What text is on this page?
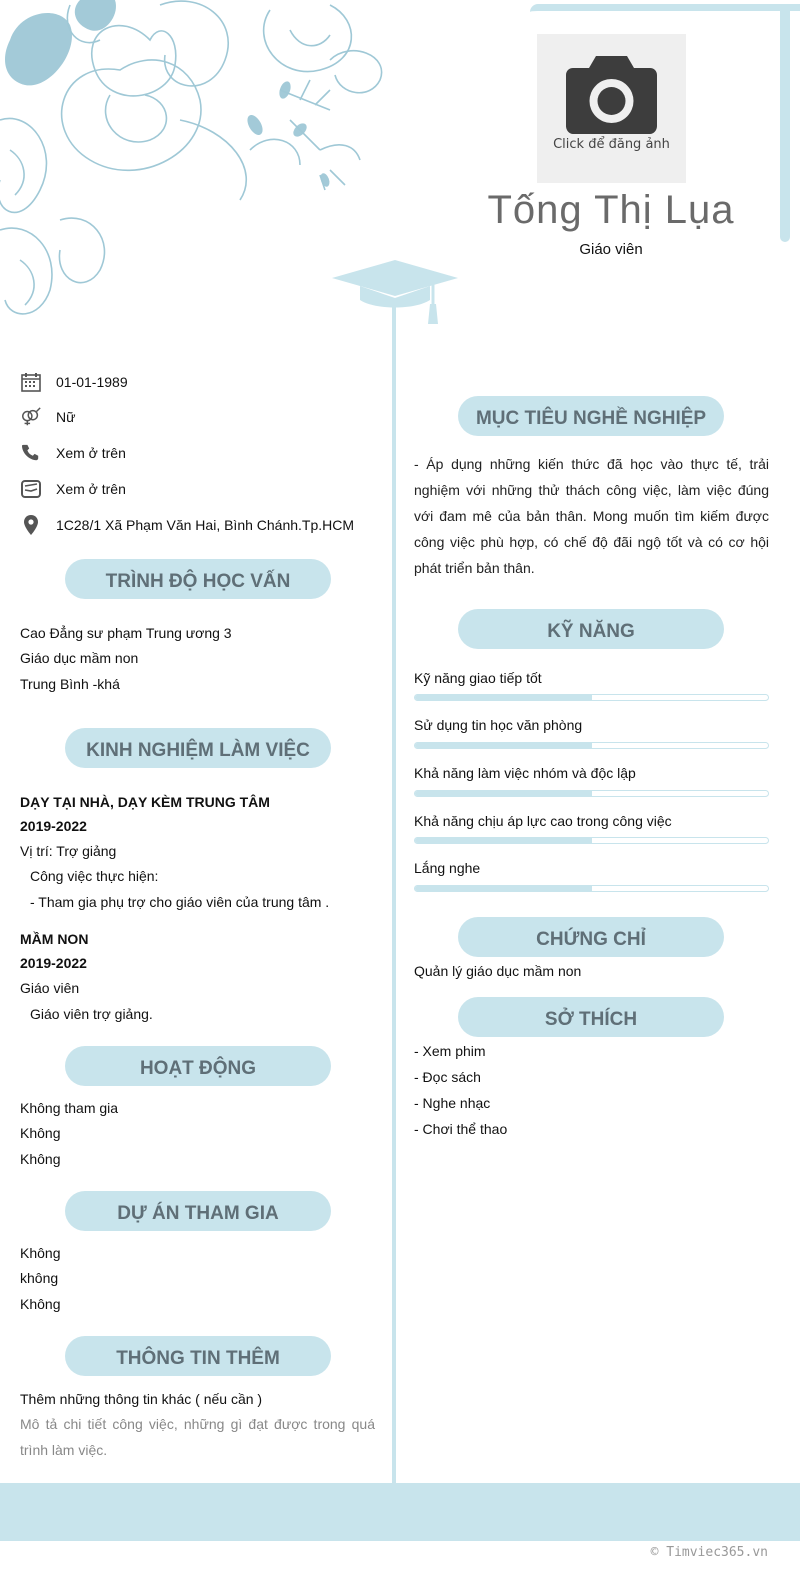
Click để đăng ảnh
Tống Thị Lụa
Giáo viên
01-01-1989
Nữ
Xem ở trên
Xem ở trên
1C28/1 Xã Phạm Văn Hai, Bình Chánh.Tp.HCM
TRÌNH ĐỘ HỌC VẤN
Cao Đẳng sư phạm Trung ương 3
Giáo dục mầm non
Trung Bình -khá
KINH NGHIỆM LÀM VIỆC
DẠY TẠI NHÀ, DẠY KÈM TRUNG TÂM
2019-2022
Vị trí: Trợ giảng
Công việc thực hiện:
- Tham gia phụ trợ cho giáo viên của trung tâm .
MẦM NON
2019-2022
Giáo viên
Giáo viên trợ giảng.
HOẠT ĐỘNG
Không tham gia
Không
Không
DỰ ÁN THAM GIA
Không
không
Không
THÔNG TIN THÊM
Thêm những thông tin khác ( nếu cần )
Mô tả chi tiết công việc, những gì đạt được trong quá trình làm việc.
MỤC TIÊU NGHỀ NGHIỆP
- Áp dụng những kiến thức đã học vào thực tế, trải nghiệm với những thử thách công việc, làm việc đúng với đam mê của bản thân. Mong muốn tìm kiếm được công việc phù hợp, có chế độ đãi ngộ tốt và có cơ hội phát triển bản thân.
KỸ NĂNG
Kỹ năng giao tiếp tốt
Sử dụng tin học văn phòng
Khả năng làm việc nhóm và độc lập
Khả năng chịu áp lực cao trong công việc
Lắng nghe
CHỨNG CHỈ
Quản lý giáo dục mầm non
SỞ THÍCH
- Xem phim
- Đọc sách
- Nghe nhạc
- Chơi thể thao
© Timviec365.vn
